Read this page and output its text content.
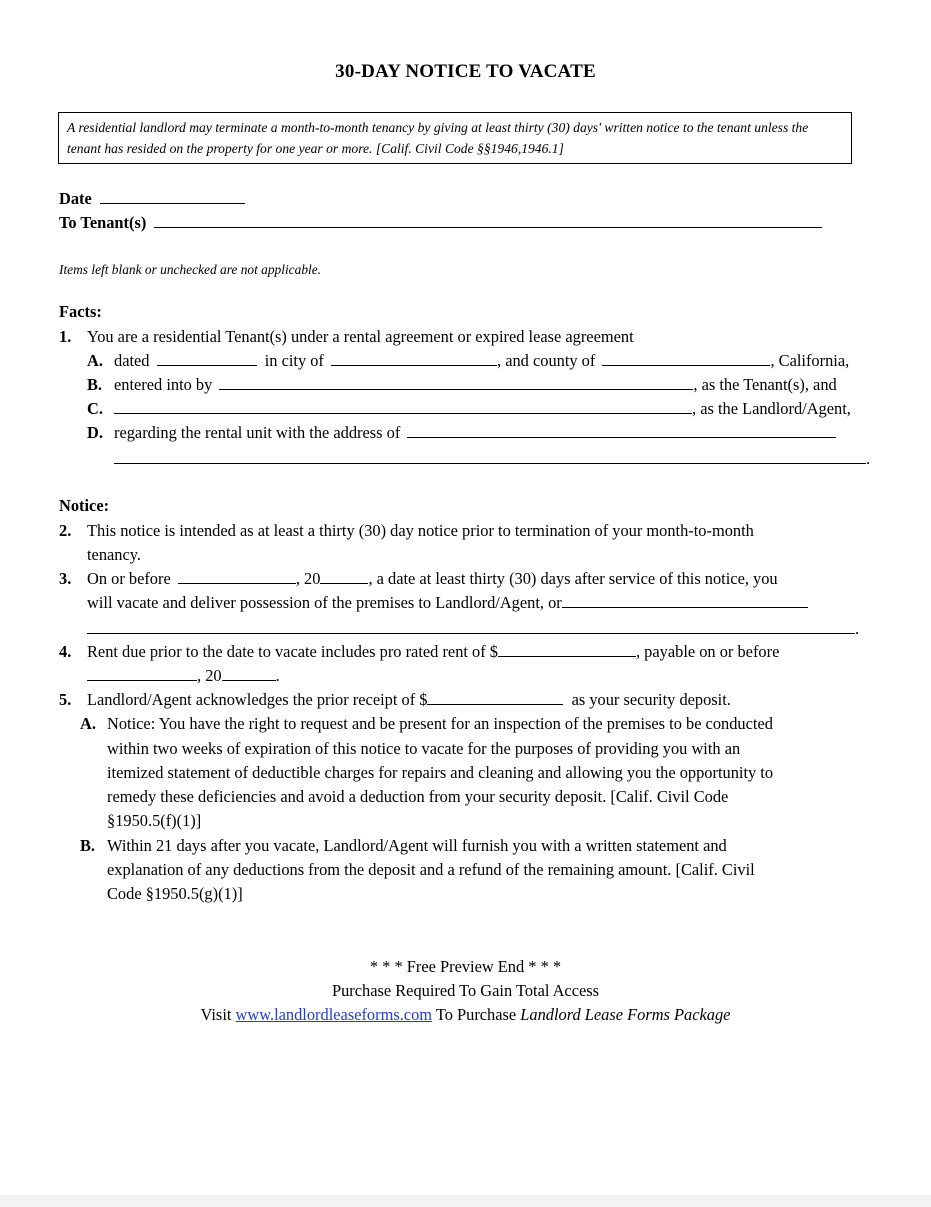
30-DAY NOTICE TO VACATE
A residential landlord may terminate a month-to-month tenancy by giving at least thirty (30) days' written notice to the tenant unless the tenant has resided on the property for one year or more. [Calif. Civil Code §§1946,1946.1]
Date
To Tenant(s)
Items left blank or unchecked are not applicable.
Facts:
1. You are a residential Tenant(s) under a rental agreement or expired lease agreement
A. dated	in city of	, and county of	, California,
B. entered into by	, as the Tenant(s), and
C.	, as the Landlord/Agent,
D. regarding the rental unit with the address of
.
Notice:
2. This notice is intended as at least a thirty (30) day notice prior to termination of your month-to-month
tenancy.
3. On or before	, 20	, a date at least thirty (30) days after service of this notice, you
will vacate and deliver possession of the premises to Landlord/Agent, or
.
4. Rent due prior to the date to vacate includes pro rated rent of $	, payable on or before
, 20	.
5. Landlord/Agent acknowledges the prior receipt of $	as your security deposit.
A. Notice: You have the right to request and be present for an inspection of the premises to be conducted
within two weeks of expiration of this notice to vacate for the purposes of providing you with an
itemized statement of deductible charges for repairs and cleaning and allowing you the opportunity to
remedy these deficiencies and avoid a deduction from your security deposit. [Calif. Civil Code
§1950.5(f)(1)]
B. Within 21 days after you vacate, Landlord/Agent will furnish you with a written statement and
explanation of any deductions from the deposit and a refund of the remaining amount. [Calif. Civil
Code §1950.5(g)(1)]
* * * Free Preview End * * *
Purchase Required To Gain Total Access
Visit www.landlordleaseforms.com To Purchase Landlord Lease Forms Package
